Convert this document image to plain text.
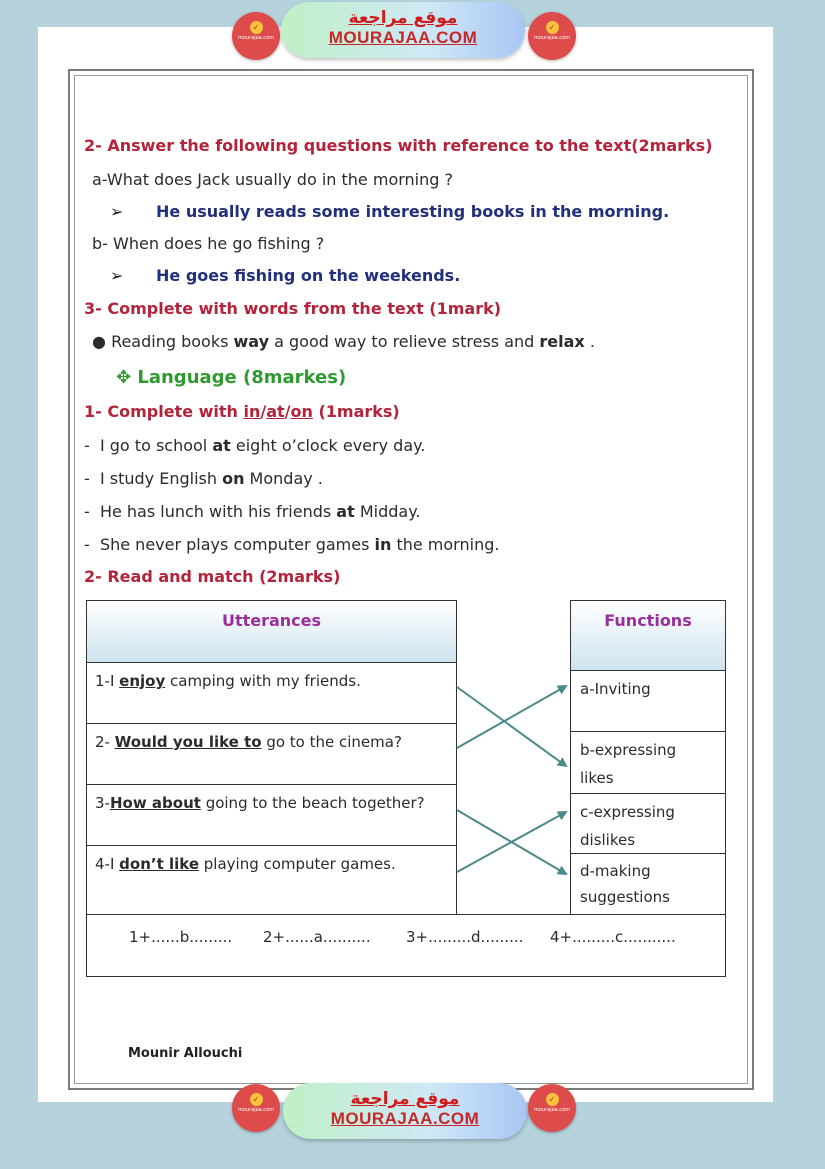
✓
mourajaa.com
موقع مراجعة
MOURAJAA.COM
✓
mourajaa.com
✓
mourajaa.com
موقع مراجعة
MOURAJAA.COM
✓
mourajaa.com
2- Answer the following questions with reference to the text(2marks)
a-What does Jack usually do in the morning ?
➢ He usually reads some interesting books in the morning.
b- When does he go fishing ?
➢ He goes fishing on the weekends.
3- Complete with words from the text (1mark)
● Reading books way a good way to relieve stress and relax .
✥ Language (8markes)
1- Complete with in/at/on (1marks)
-  I go to school at eight o’clock every day.
-  I study English on Monday .
-  He has lunch with his friends at Midday.
-  She never plays computer games in the morning.
2- Read and match (2marks)
Utterances
1-I enjoy camping with my friends.
2- Would you like to go to the cinema?
3-How about going to the beach together?
4-I don’t like playing computer games.
Functions
a-Inviting
b-expressing
likes
c-expressing
dislikes
d-making
suggestions
1+......b......... 2+......a.......... 3+.........d......... 4+.........c...........
Mounir Allouchi
